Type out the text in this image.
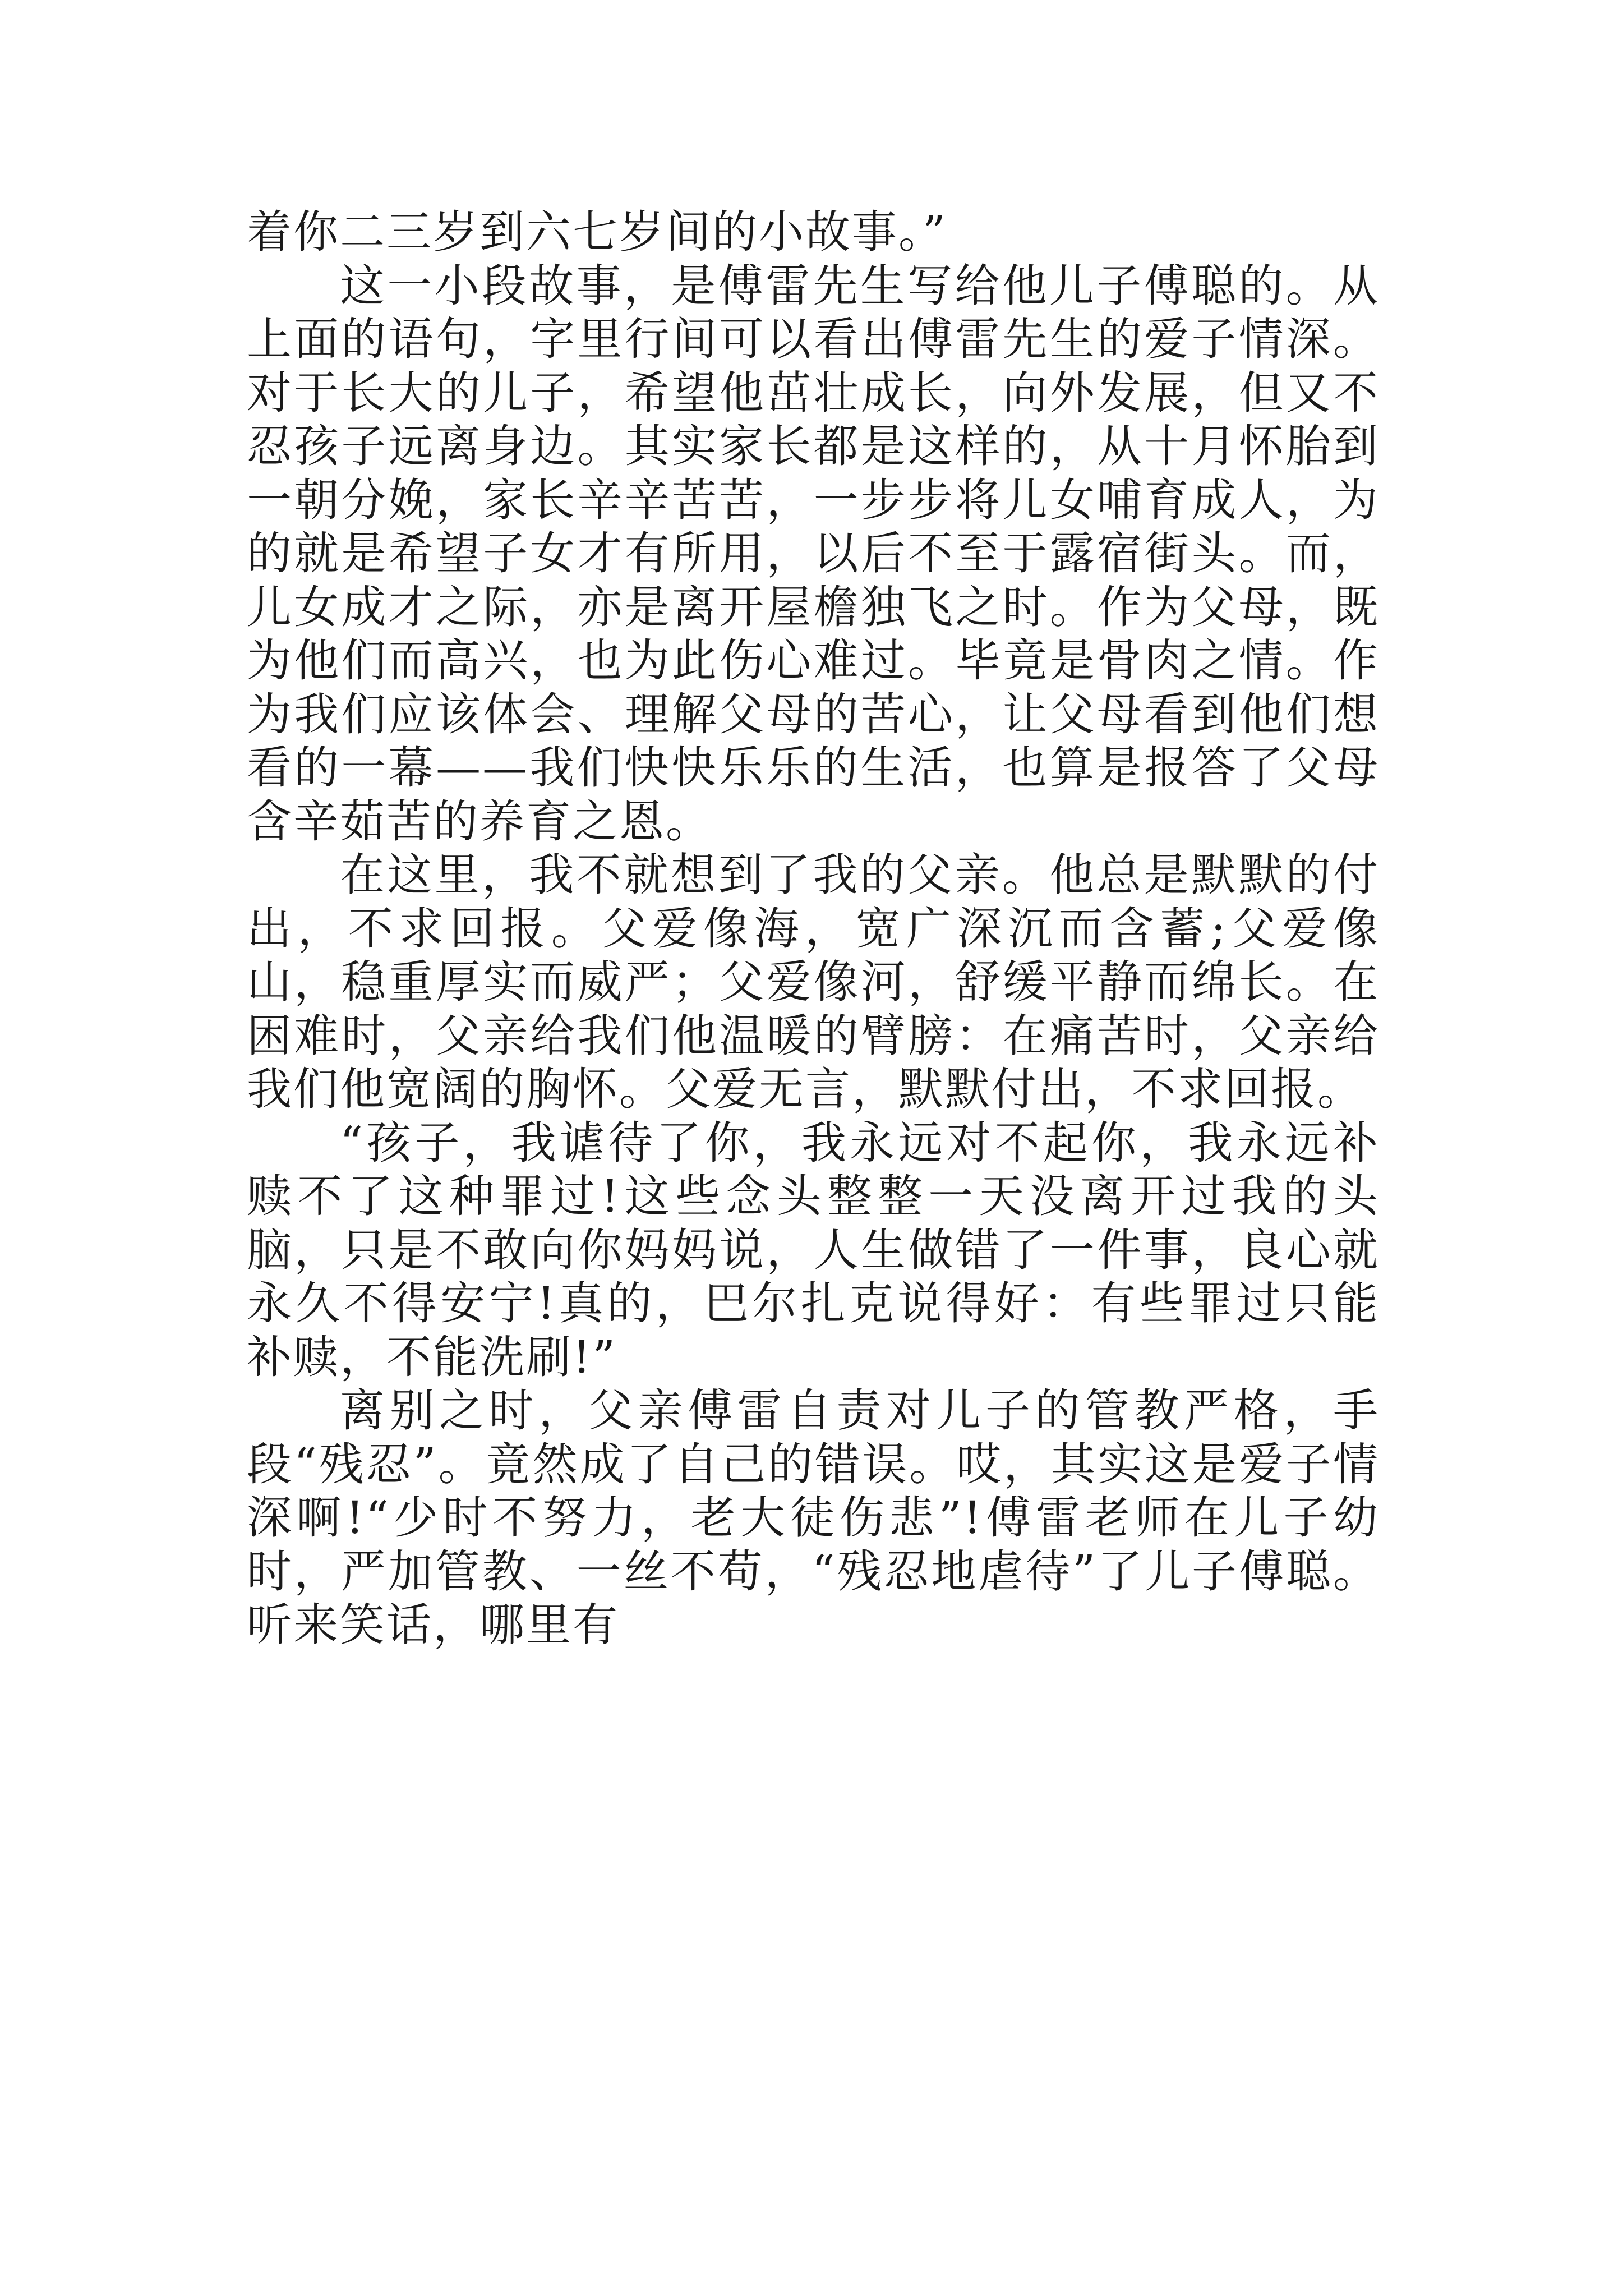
着你二三岁到六七岁间的小故事。”

这一小段故事，是傅雷先生写给他儿子傅聪的。从上面的语句，字里行间可以看出傅雷先生的爱子情深。对于长大的儿子，希望他茁壮成长，向外发展，但又不忍孩子远离身边。其实家长都是这样的，从十月怀胎到一朝分娩，家长辛辛苦苦，一步步将儿女哺育成人，为的就是希望子女才有所用，以后不至于露宿街头。而，儿女成才之际，亦是离开屋檐独飞之时。作为父母，既为他们而高兴，也为此伤心难过。毕竟是骨肉之情。作为我们应该体会、理解父母的苦心，让父母看到他们想看的一幕——我们快快乐乐的生活，也算是报答了父母含辛茹苦的养育之恩。

在这里，我不就想到了我的父亲。他总是默默的付出，不求回报。父爱像海，宽广深沉而含蓄;父爱像山，稳重厚实而威严；父爱像河，舒缓平静而绵长。在困难时，父亲给我们他温暖的臂膀：在痛苦时，父亲给我们他宽阔的胸怀。父爱无言，默默付出，不求回报。

“孩子，我谑待了你，我永远对不起你，我永远补赎不了这种罪过!这些念头整整一天没离开过我的头脑，只是不敢向你妈妈说，人生做错了一件事，良心就永久不得安宁!真的，巴尔扎克说得好：有些罪过只能补赎，不能洗刷!”

离别之时，父亲傅雷自责对儿子的管教严格，手段“残忍”。竟然成了自己的错误。哎，其实这是爱子情深啊!“少时不努力，老大徒伤悲”!傅雷老师在儿子幼时，严加管教、一丝不苟，“残忍地虐待”了儿子傅聪。听来笑话，哪里有
